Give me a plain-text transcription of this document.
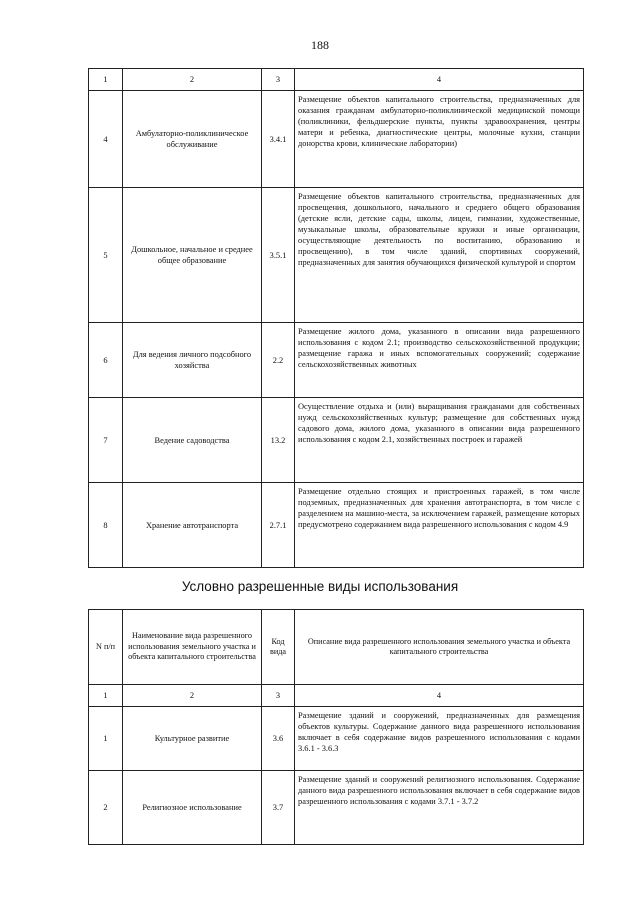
188
1	2	3	4
4	Амбулаторно-поликлиническое обслуживание	3.4.1	Размещение объектов капитального строительства, предназначенных для оказания гражданам амбулаторно-поликлинической медицинской помощи (поликлиники, фельдшерские пункты, пункты здравоохранения, центры матери и ребенка, диагностические центры, молочные кухни, станции донорства крови, клинические лаборатории)
5	Дошкольное, начальное и среднее общее образование	3.5.1	Размещение объектов капитального строительства, предназначенных для просвещения, дошкольного, начального и среднего общего образования (детские ясли, детские сады, школы, лицеи, гимназии, художественные, музыкальные школы, образовательные кружки и иные организации, осуществляющие деятельность по воспитанию, образованию и просвещению), в том числе зданий, спортивных сооружений, предназначенных для занятия обучающихся физической культурой и спортом
6	Для ведения личного подсобного хозяйства	2.2	Размещение жилого дома, указанного в описании вида разрешенного использования с кодом 2.1; производство сельскохозяйственной продукции; размещение гаража и иных вспомогательных сооружений; содержание сельскохозяйственных животных
7	Ведение садоводства	13.2	Осуществление отдыха и (или) выращивания гражданами для собственных нужд сельскохозяйственных культур; размещение для собственных нужд садового дома, жилого дома, указанного в описании вида разрешенного использования с кодом 2.1, хозяйственных построек и гаражей
8	Хранение автотранспорта	2.7.1	Размещение отдельно стоящих и пристроенных гаражей, в том числе подземных, предназначенных для хранения автотранспорта, в том числе с разделением на машино-места, за исключением гаражей, размещение которых предусмотрено содержанием вида разрешенного использования с кодом 4.9
Условно разрешенные виды использования
N п/п	Наименование вида разрешенного использования земельного участка и объекта капитального строительства	Код вида	Описание вида разрешенного использования земельного участка и объекта капитального строительства
1	2	3	4
1	Культурное развитие	3.6	Размещение зданий и сооружений, предназначенных для размещения объектов культуры. Содержание данного вида разрешенного использования включает в себя содержание видов разрешенного использования с кодами 3.6.1 - 3.6.3
2	Религиозное использование	3.7	Размещение зданий и сооружений религиозного использования. Содержание данного вида разрешенного использования включает в себя содержание видов разрешенного использования с кодами 3.7.1 - 3.7.2
